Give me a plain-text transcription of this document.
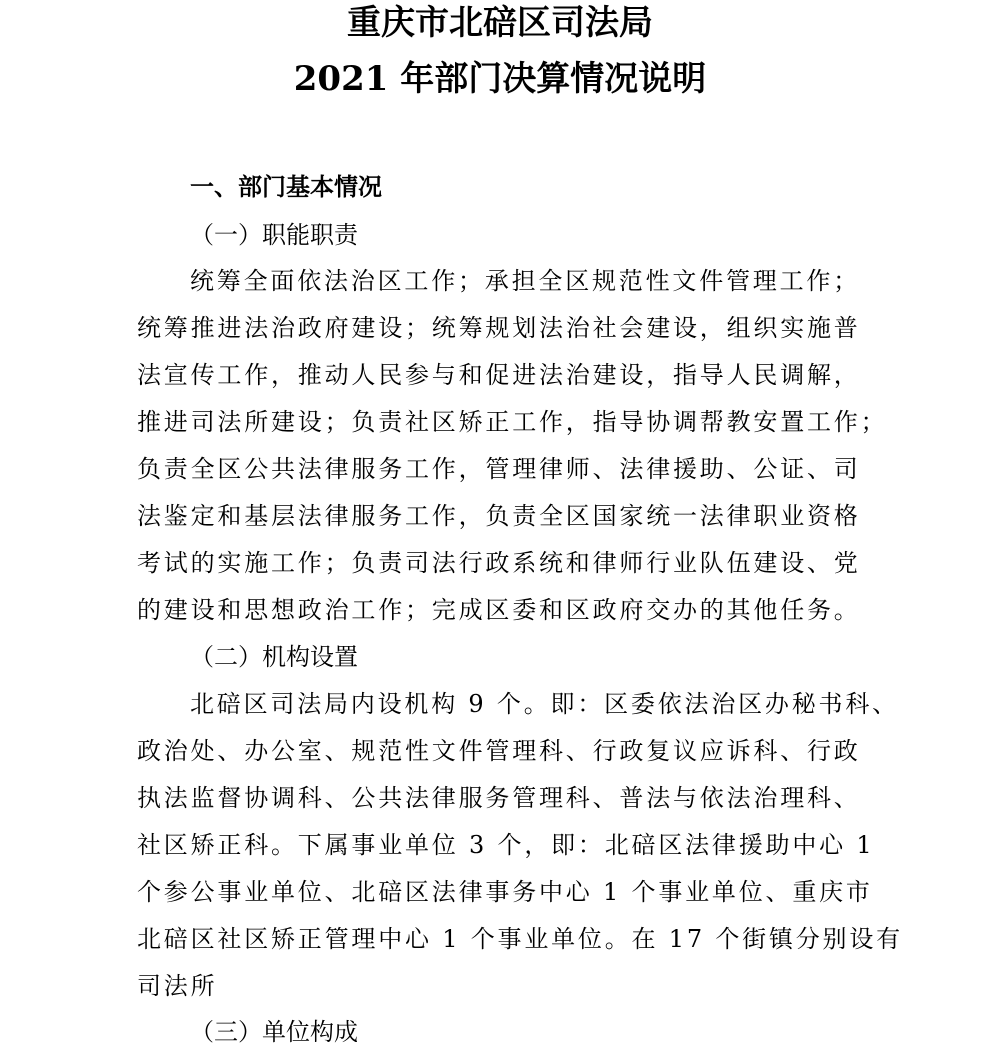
重庆市北碚区司法局
2021 年部门决算情况说明
一、部门基本情况
（一）职能职责

统筹全面依法治区工作；承担全区规范性文件管理工作；

统筹推进法治政府建设；统筹规划法治社会建设，组织实施普

法宣传工作，推动人民参与和促进法治建设，指导人民调解，

推进司法所建设；负责社区矫正工作，指导协调帮教安置工作；

负责全区公共法律服务工作，管理律师、法律援助、公证、司

法鉴定和基层法律服务工作，负责全区国家统一法律职业资格

考试的实施工作；负责司法行政系统和律师行业队伍建设、党

的建设和思想政治工作；完成区委和区政府交办的其他任务。

（二）机构设置

北碚区司法局内设机构 9 个。即：区委依法治区办秘书科、

政治处、办公室、规范性文件管理科、行政复议应诉科、行政

执法监督协调科、公共法律服务管理科、普法与依法治理科、

社区矫正科。下属事业单位 3 个，即：北碚区法律援助中心 1

个参公事业单位、北碚区法律事务中心 1 个事业单位、重庆市

北碚区社区矫正管理中心 1 个事业单位。在 17 个街镇分别设有

司法所

（三）单位构成
